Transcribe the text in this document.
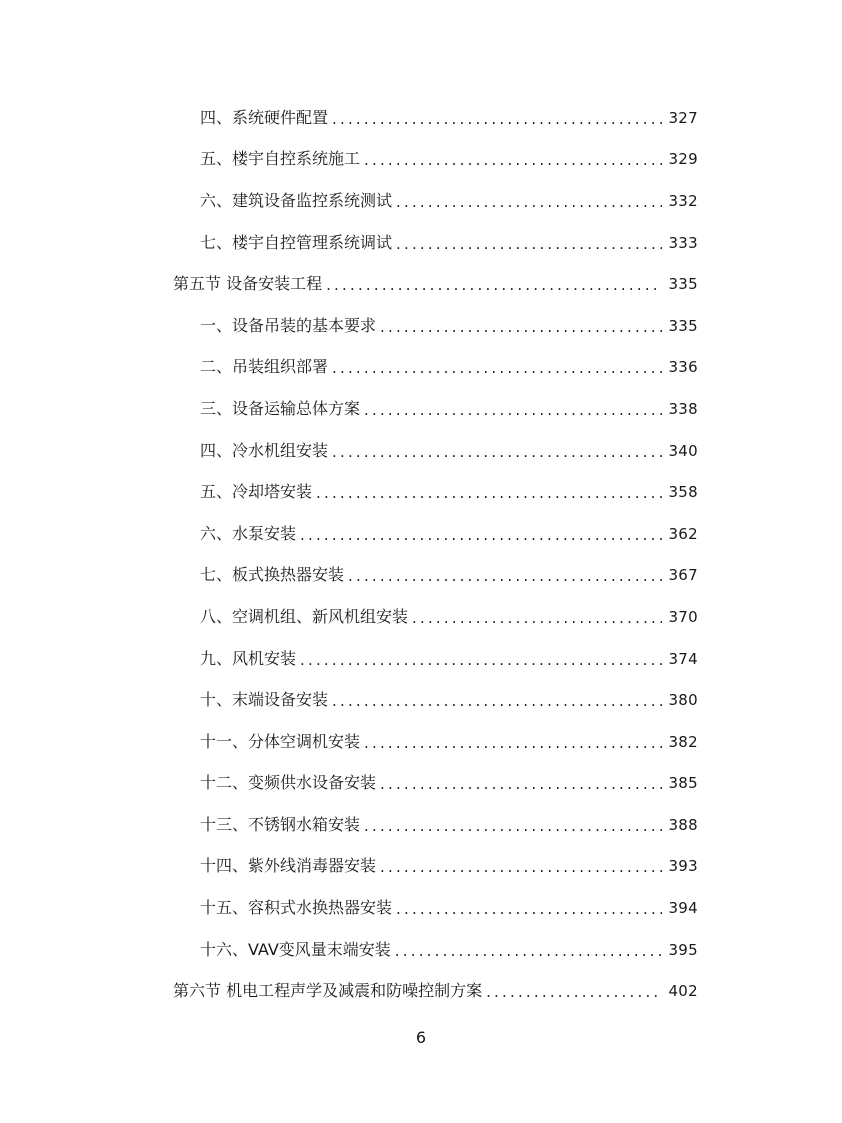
四、系统硬件配置 .....	327
五、楼宇自控系统施工 .....	329
六、建筑设备监控系统测试 .....	332
七、楼宇自控管理系统调试 .....	333
第五节 设备安装工程 .....	335
一、设备吊装的基本要求 .....	335
二、吊装组织部署 .....	336
三、设备运输总体方案 .....	338
四、冷水机组安装 .....	340
五、冷却塔安装 .....	358
六、水泵安装 .....	362
七、板式换热器安装 .....	367
八、空调机组、新风机组安装 .....	370
九、风机安装 .....	374
十、末端设备安装 .....	380
十一、分体空调机安装 .....	382
十二、变频供水设备安装 .....	385
十三、不锈钢水箱安装 .....	388
十四、紫外线消毒器安装 .....	393
十五、容积式水换热器安装 .....	394
十六、VAV变风量末端安装 .....	395
第六节 机电工程声学及减震和防噪控制方案 .....	402
6
